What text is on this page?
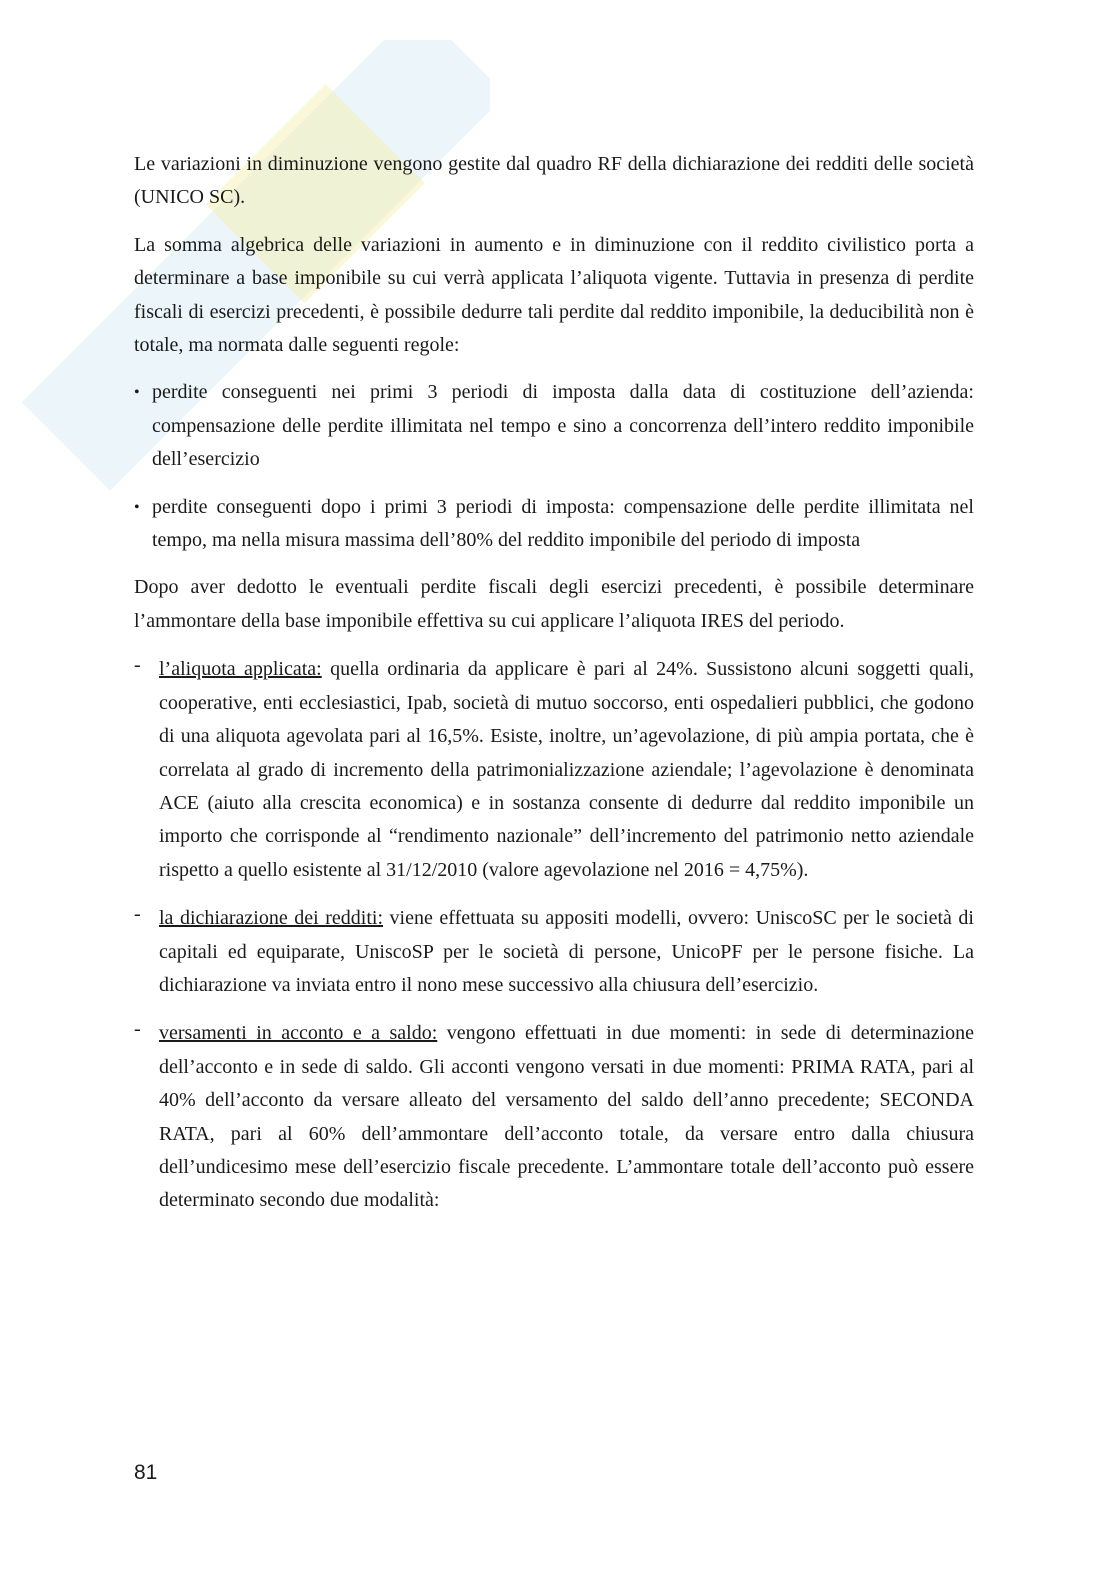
Le variazioni in diminuzione vengono gestite dal quadro RF della dichiarazione dei redditi delle società (UNICO SC).

La somma algebrica delle variazioni in aumento e in diminuzione con il reddito civilistico porta a determinare a base imponibile su cui verrà applicata l’aliquota vigente. Tuttavia in presenza di perdite fiscali di esercizi precedenti, è possibile dedurre tali perdite dal reddito imponibile, la deducibilità non è totale, ma normata dalle seguenti regole:

• perdite conseguenti nei primi 3 periodi di imposta dalla data di costituzione dell’azienda: compensazione delle perdite illimitata nel tempo e sino a concorrenza dell’intero reddito imponibile dell’esercizio
• perdite conseguenti dopo i primi 3 periodi di imposta: compensazione delle perdite illimitata nel tempo, ma nella misura massima dell’80% del reddito imponibile del periodo di imposta

Dopo aver dedotto le eventuali perdite fiscali degli esercizi precedenti, è possibile determinare l’ammontare della base imponibile effettiva su cui applicare l’aliquota IRES del periodo.

- l’aliquota applicata: quella ordinaria da applicare è pari al 24%. Sussistono alcuni soggetti quali, cooperative, enti ecclesiastici, Ipab, società di mutuo soccorso, enti ospedalieri pubblici, che godono di una aliquota agevolata pari al 16,5%. Esiste, inoltre, un’agevolazione, di più ampia portata, che è correlata al grado di incremento della patrimonializzazione aziendale; l’agevolazione è denominata ACE (aiuto alla crescita economica) e in sostanza consente di dedurre dal reddito imponibile un importo che corrisponde al “rendimento nazionale” dell’incremento del patrimonio netto aziendale rispetto a quello esistente al 31/12/2010 (valore agevolazione nel 2016 = 4,75%).
- la dichiarazione dei redditi: viene effettuata su appositi modelli, ovvero: UniscoSC per le società di capitali ed equiparate, UniscoSP per le società di persone, UnicoPF per le persone fisiche. La dichiarazione va inviata entro il nono mese successivo alla chiusura dell’esercizio.
- versamenti in acconto e a saldo: vengono effettuati in due momenti: in sede di determinazione dell’acconto e in sede di saldo. Gli acconti vengono versati in due momenti: PRIMA RATA, pari al 40% dell’acconto da versare alleato del versamento del saldo dell’anno precedente; SECONDA RATA, pari al 60% dell’ammontare dell’acconto totale, da versare entro dalla chiusura dell’undicesimo mese dell’esercizio fiscale precedente. L’ammontare totale dell’acconto può essere determinato secondo due modalità:
81
